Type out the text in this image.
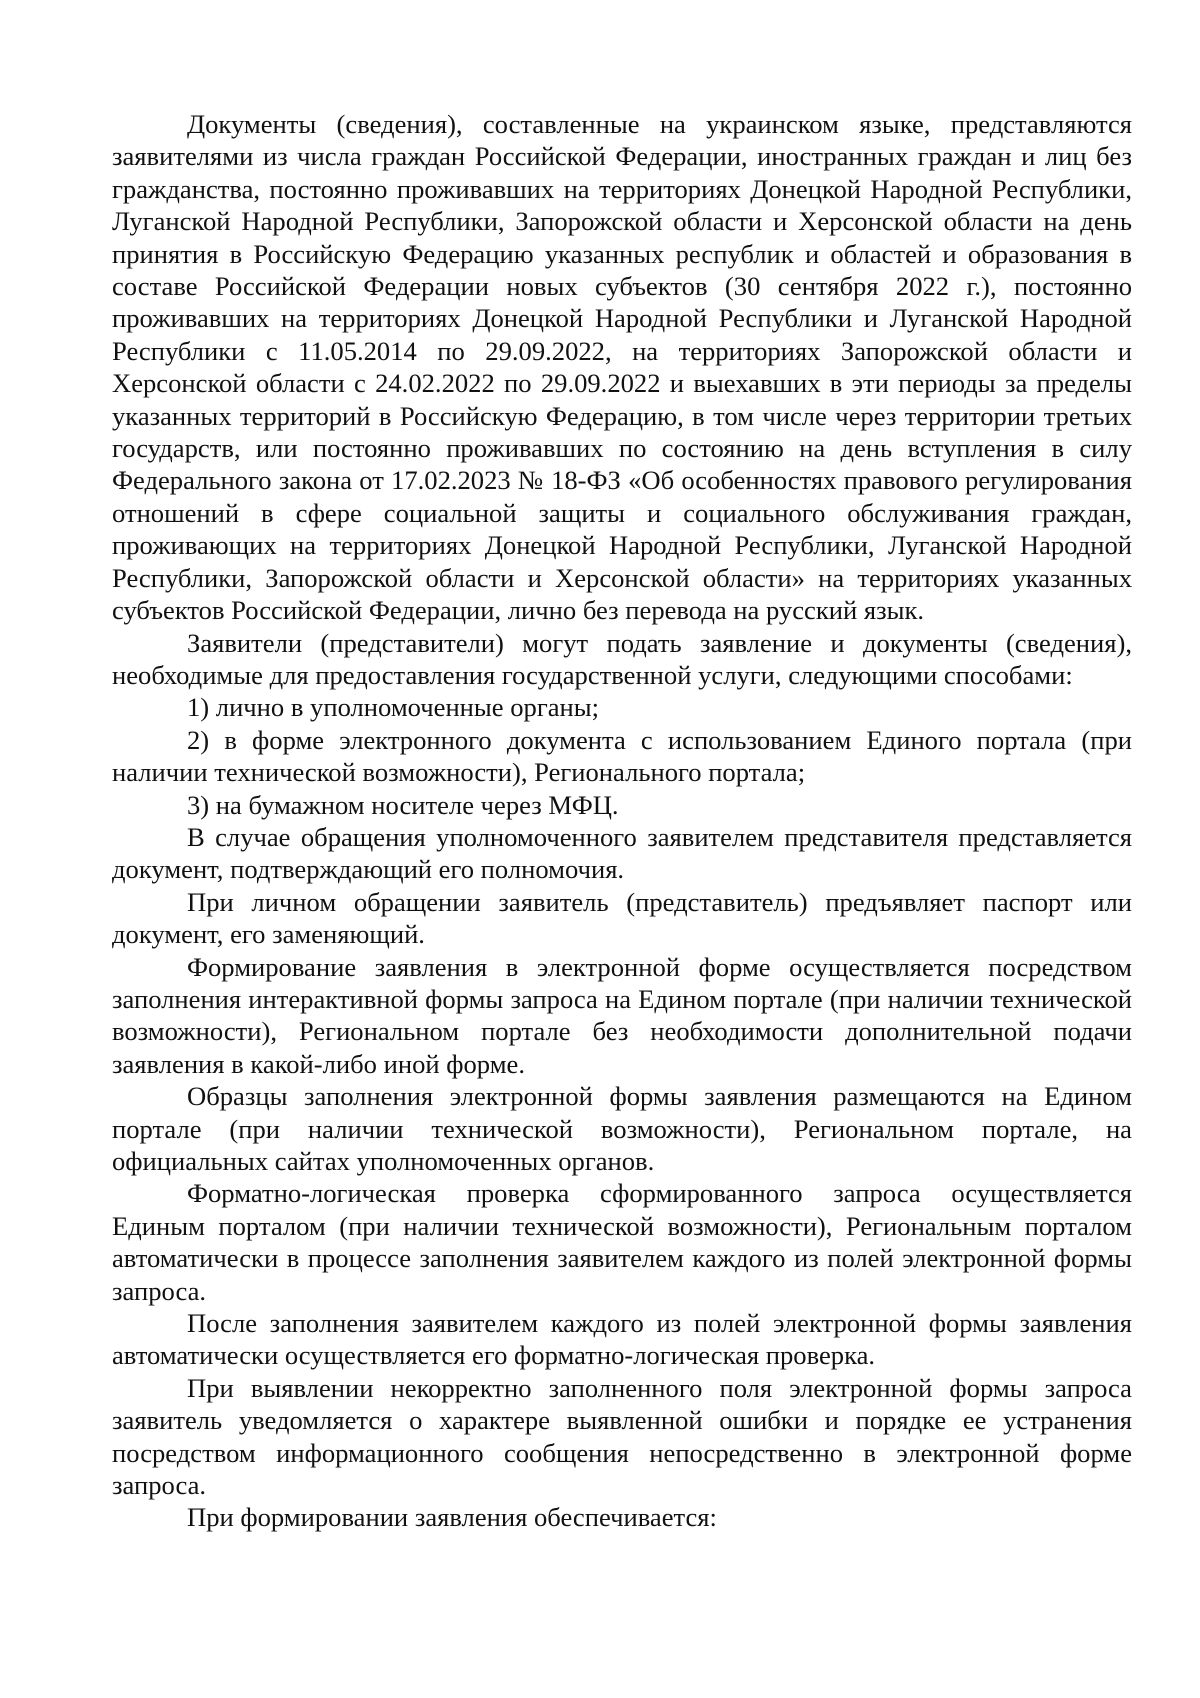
Документы (сведения), составленные на украинском языке, представляются заявителями из числа граждан Российской Федерации, иностранных граждан и лиц без гражданства, постоянно проживавших на территориях Донецкой Народной Республики, Луганской Народной Республики, Запорожской области и Херсонской области на день принятия в Российскую Федерацию указанных республик и областей и образования в составе Российской Федерации новых субъектов (30 сентября 2022 г.), постоянно проживавших на территориях Донецкой Народной Республики и Луганской Народной Республики с 11.05.2014 по 29.09.2022, на территориях Запорожской области и Херсонской области с 24.02.2022 по 29.09.2022 и выехавших в эти периоды за пределы указанных территорий в Российскую Федерацию, в том числе через территории третьих государств, или постоянно проживавших по состоянию на день вступления в силу Федерального закона от 17.02.2023 № 18-ФЗ «Об особенностях правового регулирования отношений в сфере социальной защиты и социального обслуживания граждан, проживающих на территориях Донецкой Народной Республики, Луганской Народной Республики, Запорожской области и Херсонской области» на территориях указанных субъектов Российской Федерации, лично без перевода на русский язык.

Заявители (представители) могут подать заявление и документы (сведения), необходимые для предоставления государственной услуги, следующими способами:

1) лично в уполномоченные органы;

2) в форме электронного документа с использованием Единого портала (при наличии технической возможности), Регионального портала;

3) на бумажном носителе через МФЦ.

В случае обращения уполномоченного заявителем представителя представляется документ, подтверждающий его полномочия.

При личном обращении заявитель (представитель) предъявляет паспорт или документ, его заменяющий.

Формирование заявления в электронной форме осуществляется посредством заполнения интерактивной формы запроса на Едином портале (при наличии технической возможности), Региональном портале без необходимости дополнительной подачи заявления в какой-либо иной форме.

Образцы заполнения электронной формы заявления размещаются на Едином портале (при наличии технической возможности), Региональном портале, на официальных сайтах уполномоченных органов.

Форматно-логическая проверка сформированного запроса осуществляется Единым порталом (при наличии технической возможности), Региональным порталом автоматически в процессе заполнения заявителем каждого из полей электронной формы запроса.

После заполнения заявителем каждого из полей электронной формы заявления автоматически осуществляется его форматно-логическая проверка.

При выявлении некорректно заполненного поля электронной формы запроса заявитель уведомляется о характере выявленной ошибки и порядке ее устранения посредством информационного сообщения непосредственно в электронной форме запроса.

При формировании заявления обеспечивается:
